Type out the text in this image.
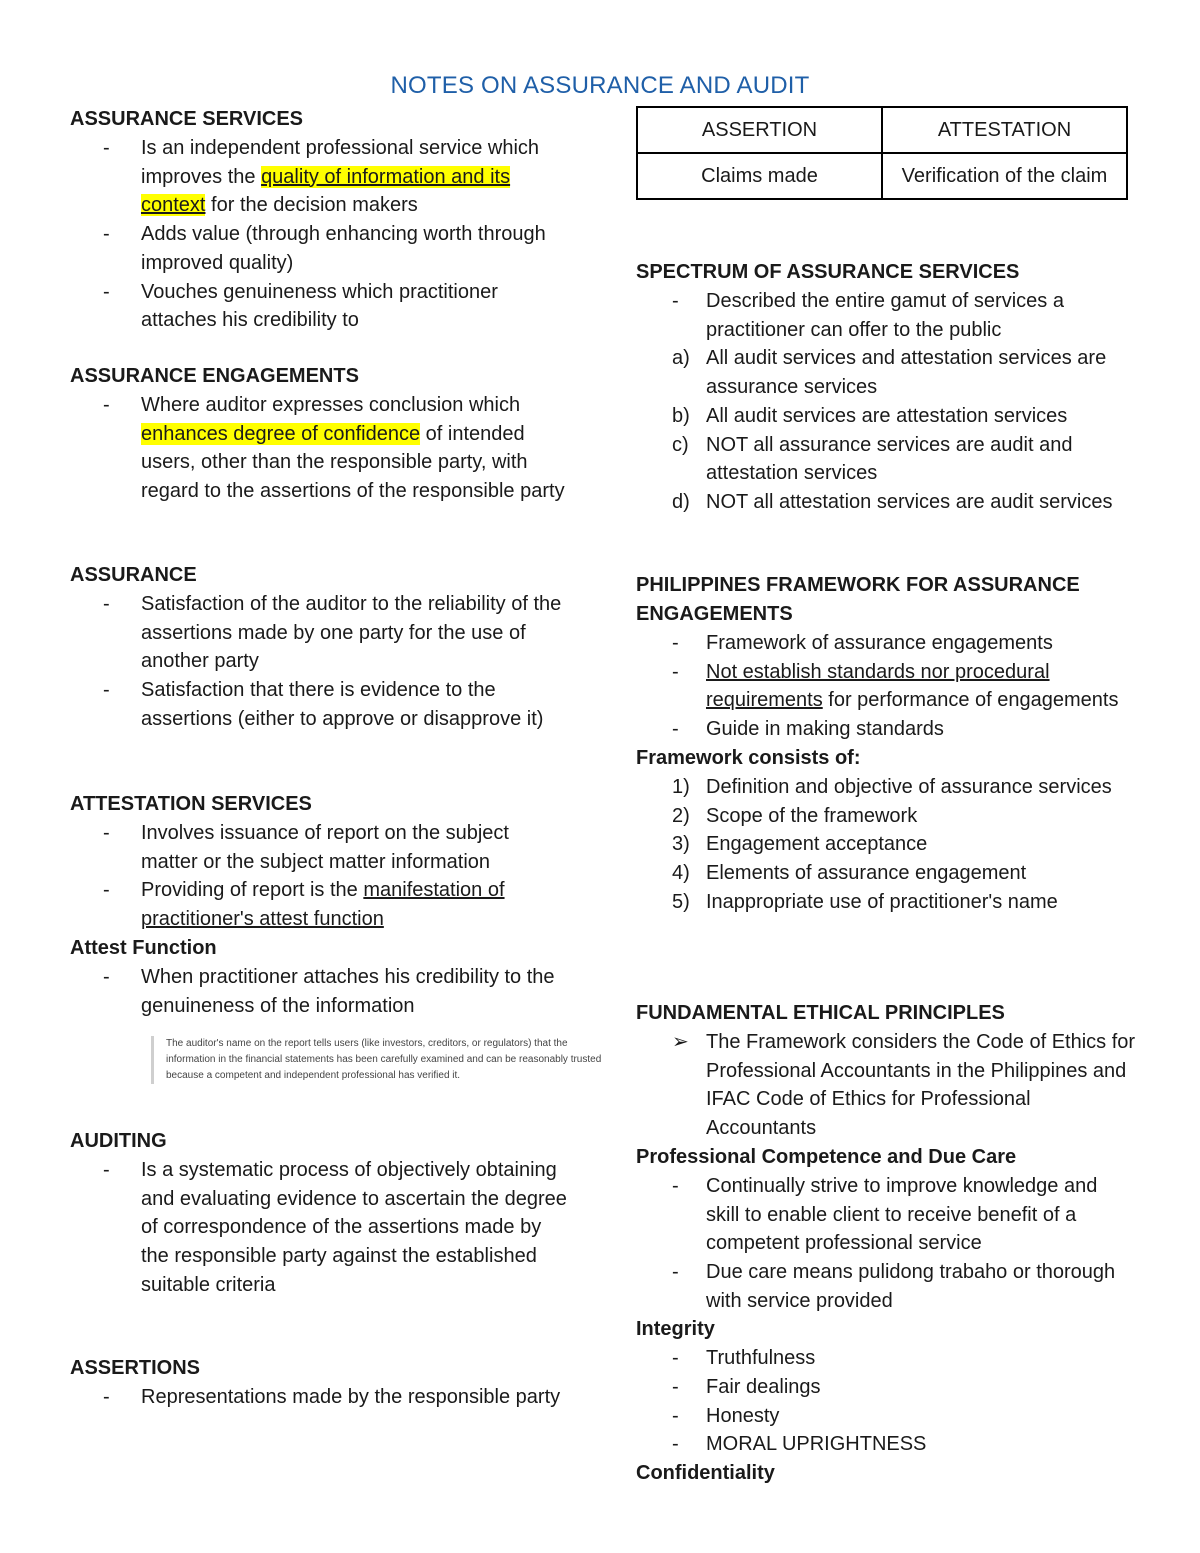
NOTES ON ASSURANCE AND AUDIT

ASSURANCE SERVICES

- Is an independent professional service which improves the quality of information and its context for the decision makers
- Adds value (through enhancing worth through improved quality)
- Vouches genuineness which practitioner attaches his credibility to

ASSURANCE ENGAGEMENTS

- Where auditor expresses conclusion which enhances degree of confidence of intended users, other than the responsible party, with regard to the assertions of the responsible party

ASSURANCE

- Satisfaction of the auditor to the reliability of the assertions made by one party for the use of another party
- Satisfaction that there is evidence to the assertions (either to approve or disapprove it)

ATTESTATION SERVICES

- Involves issuance of report on the subject matter or the subject matter information
- Providing of report is the manifestation of practitioner's attest function

Attest Function

- When practitioner attaches his credibility to the genuineness of the information

AUDITING

- Is a systematic process of objectively obtaining and evaluating evidence to ascertain the degree of correspondence of the assertions made by the responsible party against the established suitable criteria

ASSERTIONS

- Representations made by the responsible party
The auditor's name on the report tells users (like investors, creditors, or regulators) that the information in the financial statements has been carefully examined and can be reasonably trusted because a competent and independent professional has verified it.
ASSERTION	ATTESTATION
Claims made	Verification of the claim

SPECTRUM OF ASSURANCE SERVICES

- Described the entire gamut of services a practitioner can offer to the public
a) All audit services and attestation services are assurance services
b) All audit services are attestation services
c) NOT all assurance services are audit and attestation services
d) NOT all attestation services are audit services

PHILIPPINES FRAMEWORK FOR ASSURANCE ENGAGEMENTS

- Framework of assurance engagements
- Not establish standards nor procedural requirements for performance of engagements
- Guide in making standards

Framework consists of:

1) Definition and objective of assurance services
2) Scope of the framework
3) Engagement acceptance
4) Elements of assurance engagement
5) Inappropriate use of practitioner's name

FUNDAMENTAL ETHICAL PRINCIPLES

➢ The Framework considers the Code of Ethics for Professional Accountants in the Philippines and IFAC Code of Ethics for Professional Accountants

Professional Competence and Due Care

- Continually strive to improve knowledge and skill to enable client to receive benefit of a competent professional service
- Due care means pulidong trabaho or thorough with service provided

Integrity

- Truthfulness
- Fair dealings
- Honesty
- MORAL UPRIGHTNESS

Confidentiality
